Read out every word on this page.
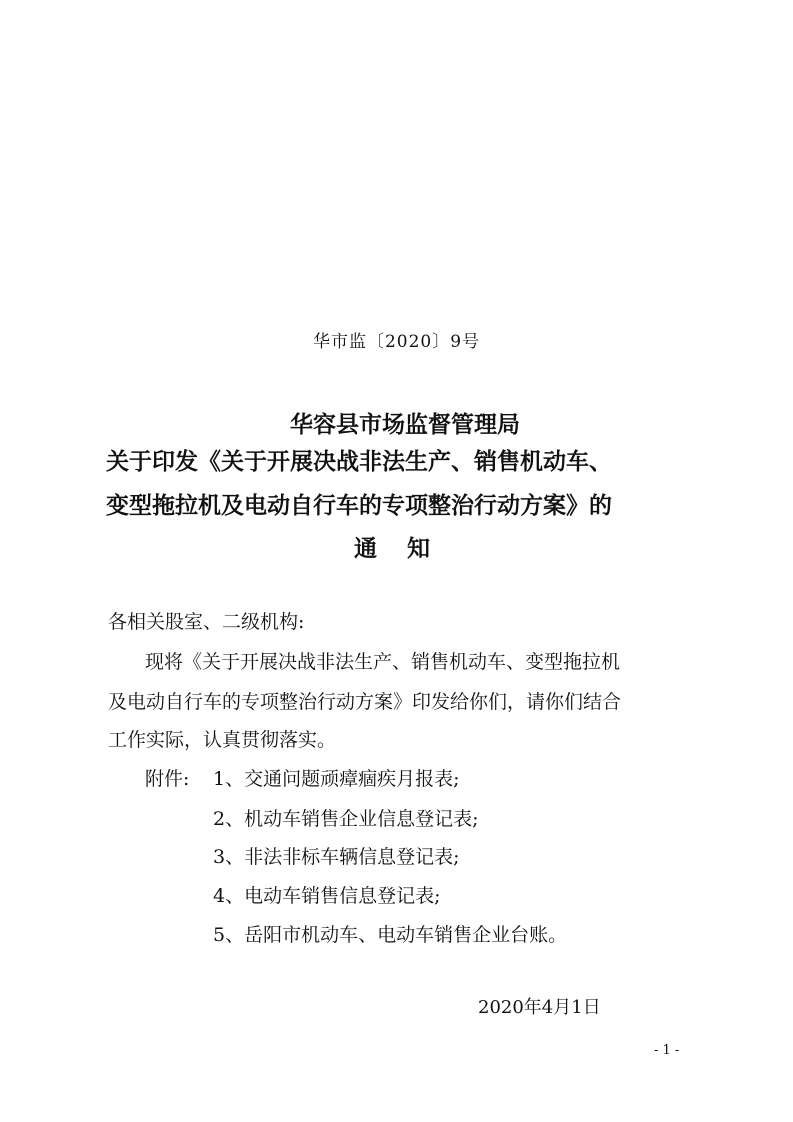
华市监〔2020〕9号
华容县市场监督管理局
关于印发《关于开展决战非法生产、销售机动车、
变型拖拉机及电动自行车的专项整治行动方案》的
通知
各相关股室、二级机构:
现将《关于开展决战非法生产、销售机动车、变型拖拉机
及电动自行车的专项整治行动方案》印发给你们，请你们结合
工作实际，认真贯彻落实。
附件: 1、交通问题顽瘴痼疾月报表;
2、机动车销售企业信息登记表;
3、非法非标车辆信息登记表;
4、电动车销售信息登记表;
5、岳阳市机动车、电动车销售企业台账。
2020年4月1日
- 1 -
